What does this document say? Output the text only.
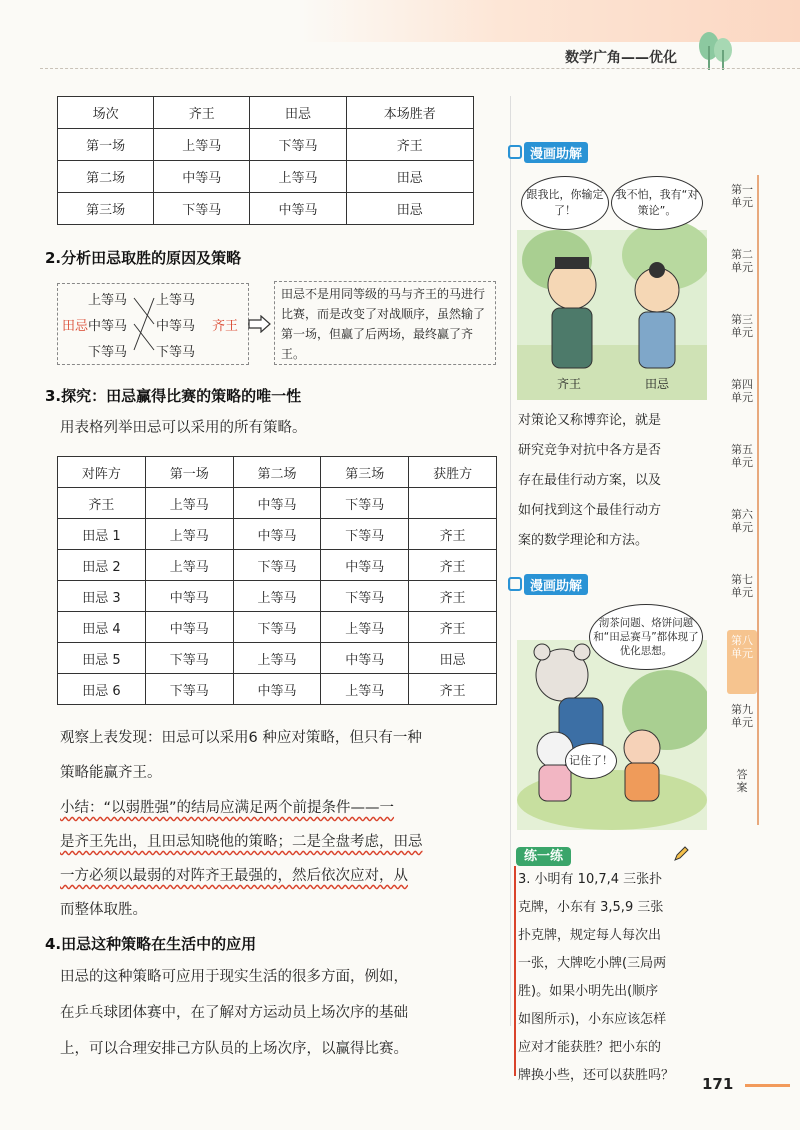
数学广角——优化
场次	齐王	田忌	本场胜者
第一场	上等马	下等马	齐王
第二场	中等马	上等马	田忌
第三场	下等马	中等马	田忌
2.分析田忌取胜的原因及策略
田忌
上等马
中等马
下等马
上等马
中等马
下等马
齐王
田忌不是用同等级的马与齐王的马进行比赛，而是改变了对战顺序，虽然输了第一场，但赢了后两场，最终赢了齐王。
3.探究：田忌赢得比赛的策略的唯一性
用表格列举田忌可以采用的所有策略。
对阵方	第一场	第二场	第三场	获胜方
齐王	上等马	中等马	下等马	
田忌 1	上等马	中等马	下等马	齐王
田忌 2	上等马	下等马	中等马	齐王
田忌 3	中等马	上等马	下等马	齐王
田忌 4	中等马	下等马	上等马	齐王
田忌 5	下等马	上等马	中等马	田忌
田忌 6	下等马	中等马	上等马	齐王
观察上表发现：田忌可以采用6 种应对策略，但只有一种
策略能赢齐王。
小结：“以弱胜强”的结局应满足两个前提条件——一
是齐王先出，且田忌知晓他的策略；二是全盘考虑，田忌
一方必须以最弱的对阵齐王最强的，然后依次应对，从
而整体取胜。
4.田忌这种策略在生活中的应用
田忌的这种策略可应用于现实生活的很多方面，例如，
在乒乓球团体赛中，在了解对方运动员上场次序的基础
上，可以合理安排己方队员的上场次序，以赢得比赛。
漫画助解
跟我比，你输定了！
我不怕，我有“对策论”。
齐王	田忌
对策论又称博弈论，就是
研究竞争对抗中各方是否
存在最佳行动方案，以及
如何找到这个最佳行动方
案的数学理论和方法。
漫画助解
沏茶问题、烙饼问题和“田忌赛马”都体现了优化思想。
记住了！
第一单元
第二单元
第三单元
第四单元
第五单元
第六单元
第七单元
第八单元
第九单元
答案
练一练
3. 小明有 10,7,4 三张扑
克牌，小东有 3,5,9 三张
扑克牌，规定每人每次出
一张，大牌吃小牌(三局两
胜)。如果小明先出(顺序
如图所示)，小东应该怎样
应对才能获胜？把小东的
牌换小些，还可以获胜吗？	171
